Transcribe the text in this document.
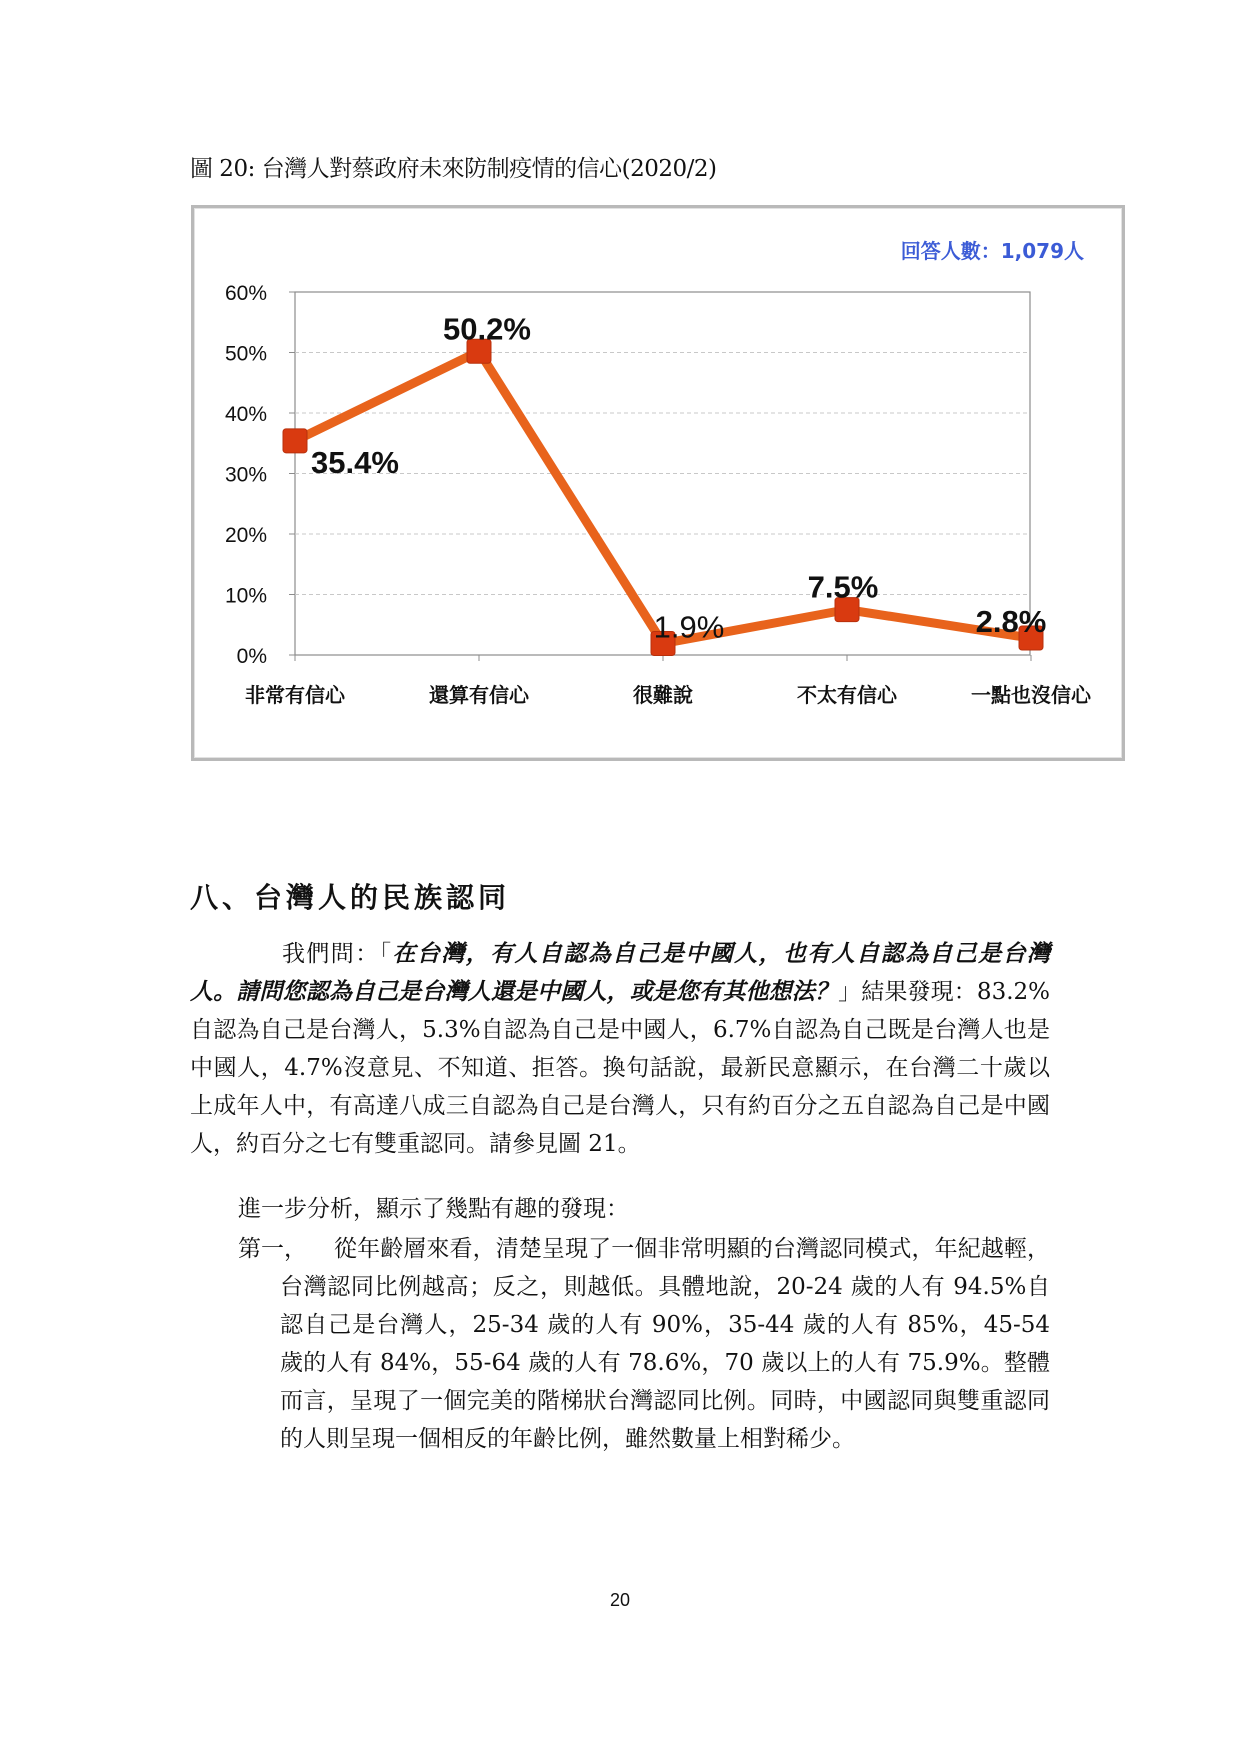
圖 20: 台灣人對蔡政府未來防制疫情的信心(2020/2)
0%
10%
20%
30%
40%
50%
60%
非常有信心	還算有信心	很難說	不太有信心	一點也沒信心
35.4%
50.2%
1.9%
7.5%
2.8%
回答人數：1,079人
八、台灣人的民族認同

我們問：「在台灣，有人自認為自己是中國人，也有人自認為自己是台灣人。請問您認為自己是台灣人還是中國人，或是您有其他想法？」結果發現：83.2%自認為自己是台灣人，5.3%自認為自己是中國人，6.7%自認為自己既是台灣人也是中國人，4.7%沒意見、不知道、拒答。換句話說，最新民意顯示，在台灣二十歲以上成年人中，有高達八成三自認為自己是台灣人，只有約百分之五自認為自己是中國人，約百分之七有雙重認同。請參見圖 21。

進一步分析，顯示了幾點有趣的發現：

第一，	從年齡層來看，清楚呈現了一個非常明顯的台灣認同模式，年紀越輕，台灣認同比例越高；反之，則越低。具體地說，20-24 歲的人有 94.5%自認自己是台灣人，25-34 歲的人有 90%，35-44 歲的人有 85%，45-54 歲的人有 84%，55-64 歲的人有 78.6%，70 歲以上的人有 75.9%。整體而言，呈現了一個完美的階梯狀台灣認同比例。同時，中國認同與雙重認同的人則呈現一個相反的年齡比例，雖然數量上相對稀少。
20
